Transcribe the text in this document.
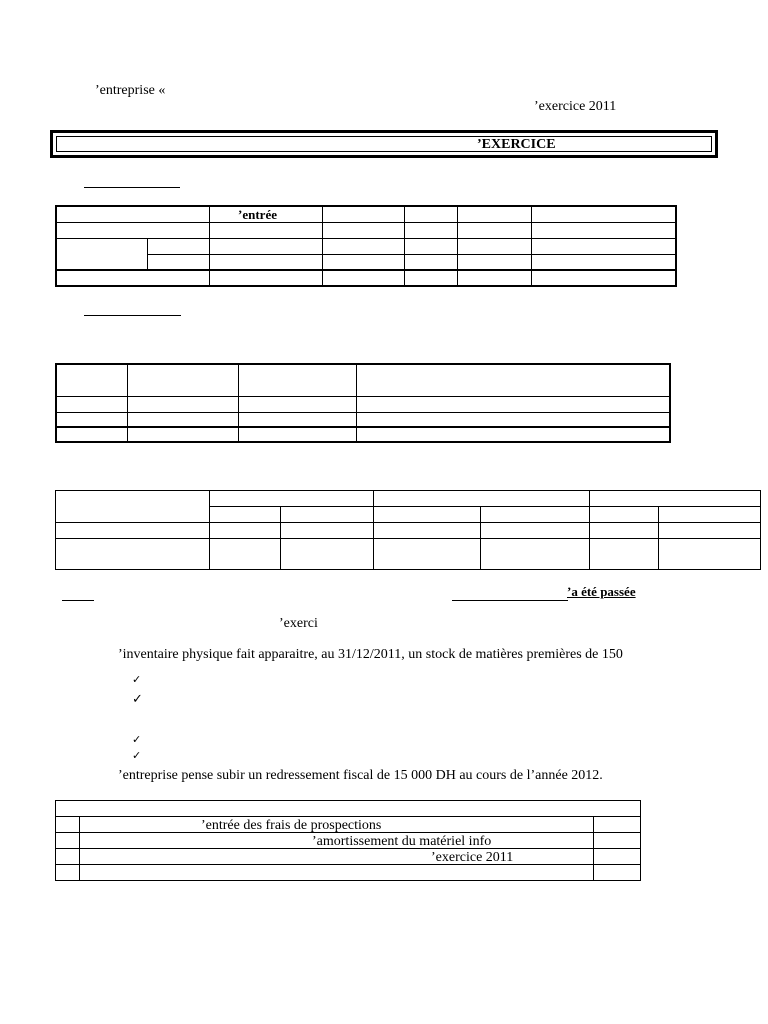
’entreprise «
’exercice 2011
’EXERCICE
		’entrée				

’a été passée
’exerci
’inventaire physique fait apparaitre, au 31/12/2011, un stock de matières premières de 150
✓
✓
✓
✓
’entreprise pense subir un redressement fiscal de 15 000 DH au cours de l’année 2012.

	’entrée des frais de prospections	
	’amortissement du matériel info	
	’exercice 2011	
